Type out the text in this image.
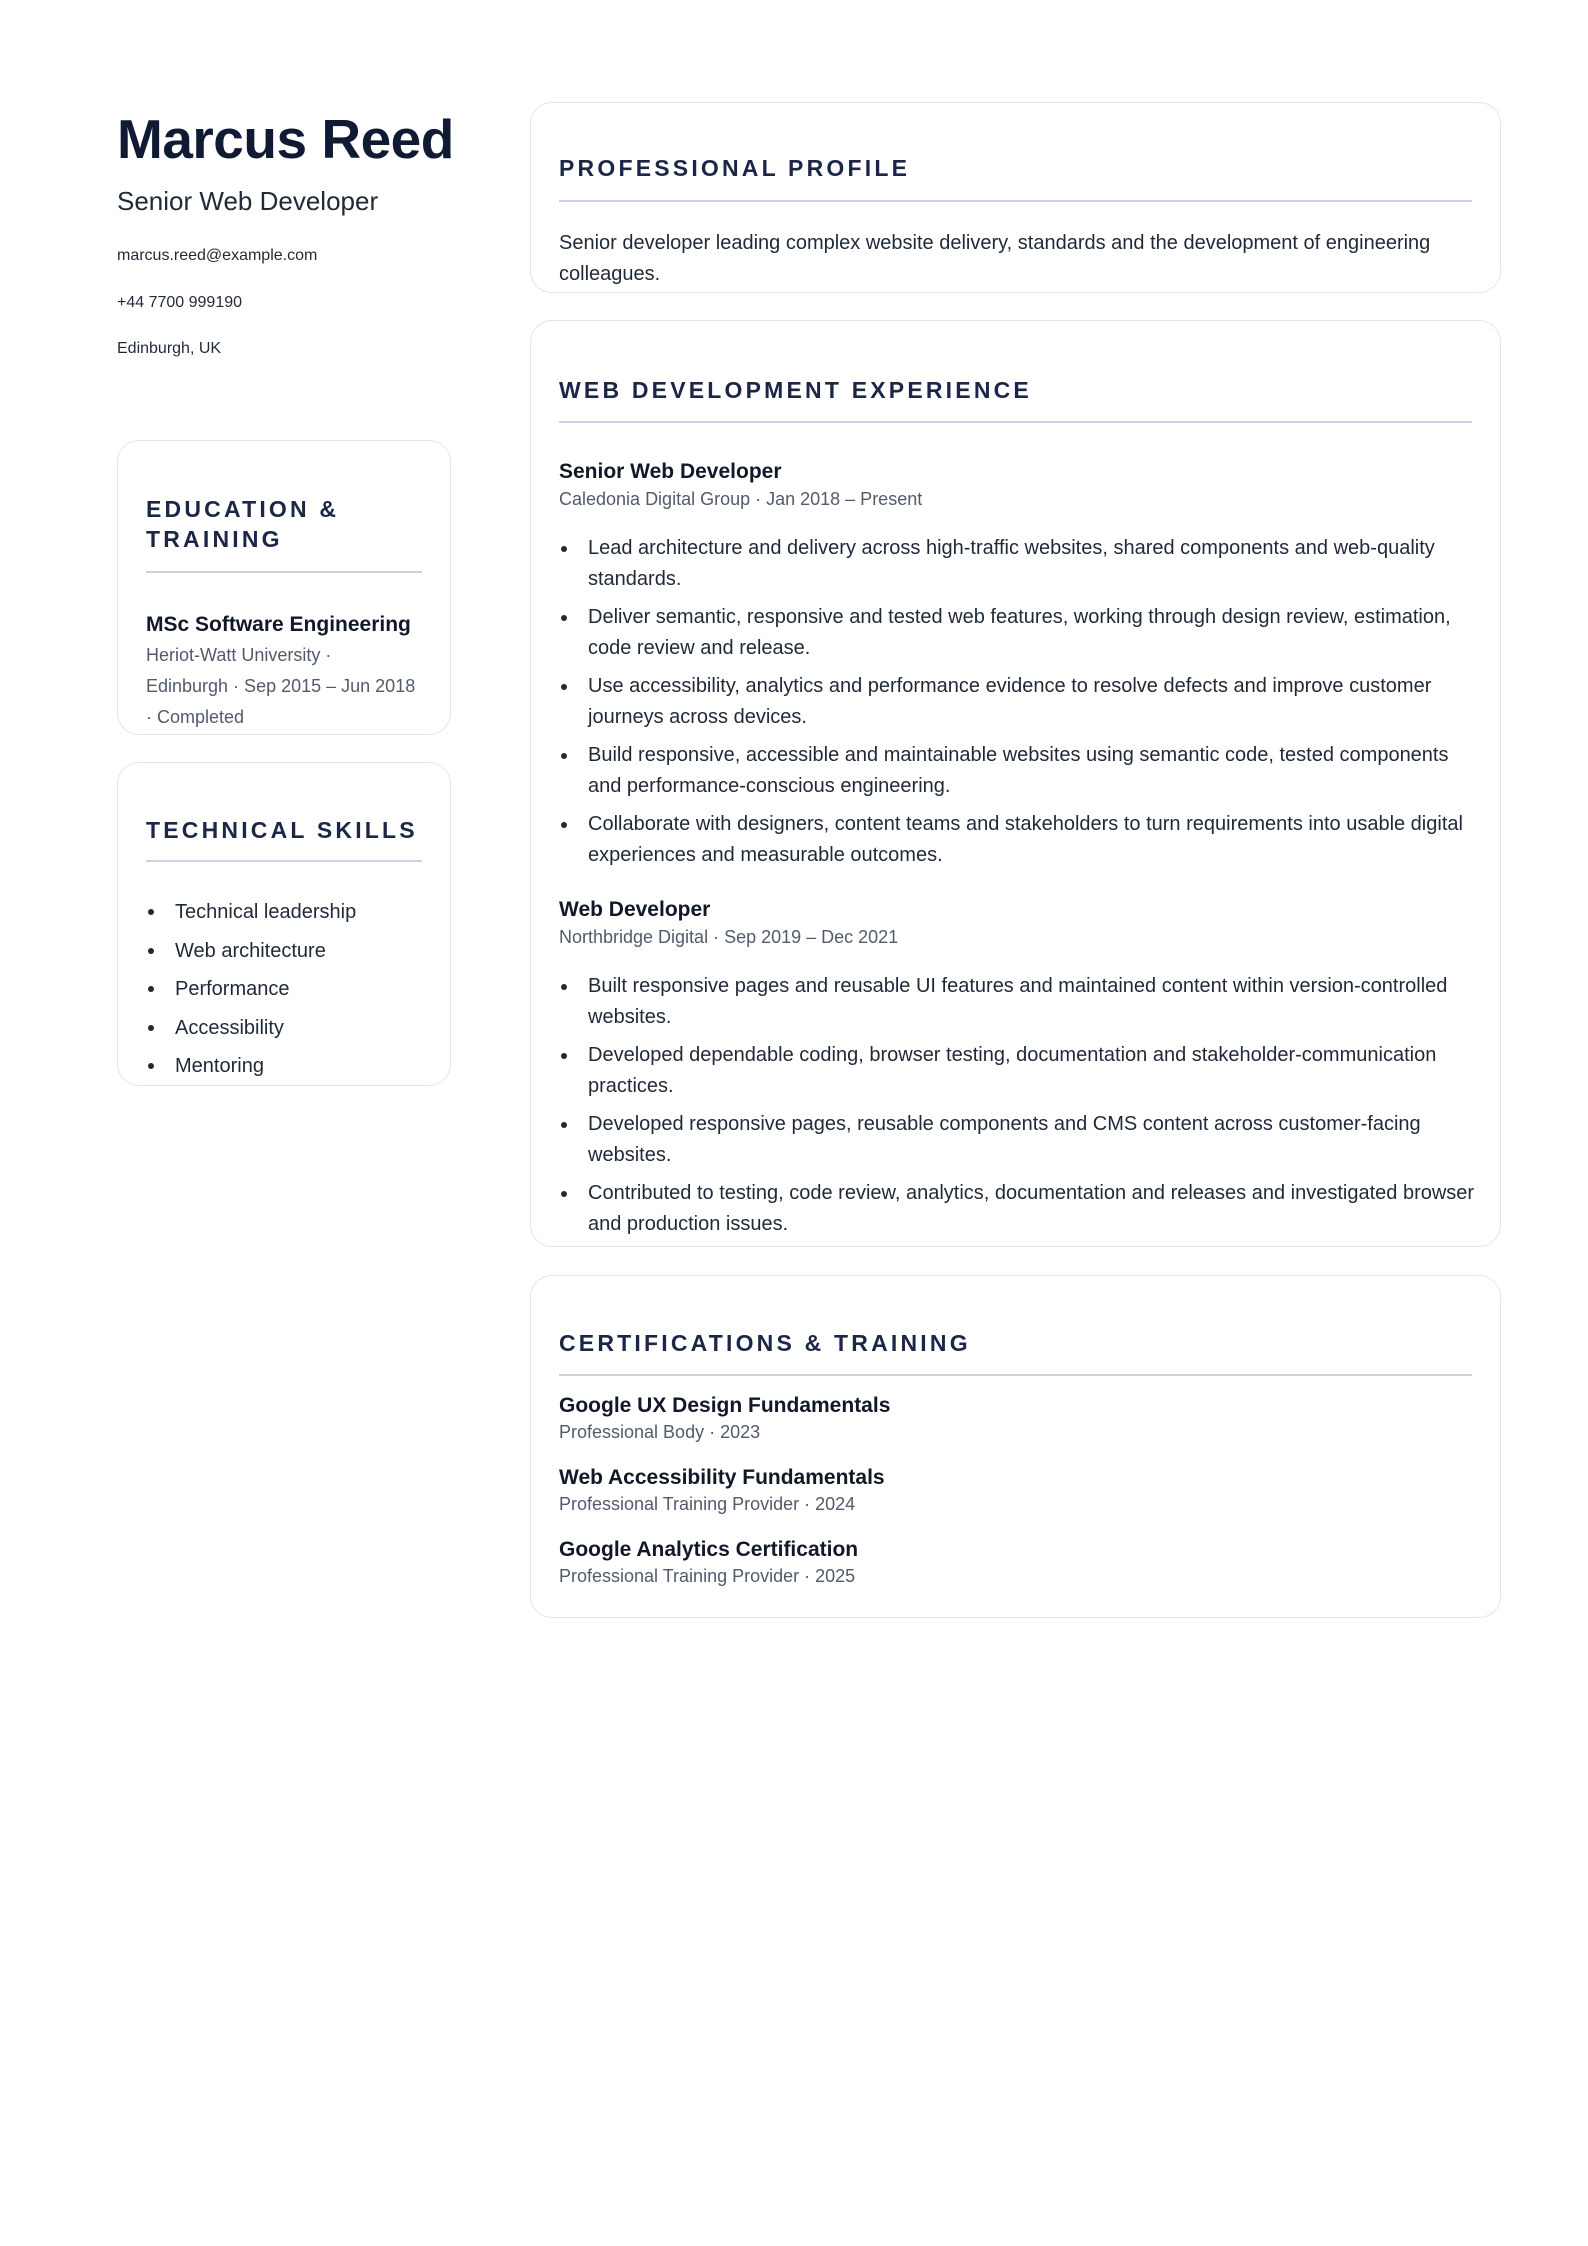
Marcus Reed
Senior Web Developer
marcus.reed@example.com
+44 7700 999190
Edinburgh, UK
EDUCATION &
TRAINING
MSc Software Engineering
Heriot-Watt University ·
Edinburgh · Sep 2015 – Jun 2018
· Completed
TECHNICAL SKILLS
Technical leadership
Web architecture
Performance
Accessibility
Mentoring
PROFESSIONAL PROFILE
Senior developer leading complex website delivery, standards and the development of engineering
colleagues.
WEB DEVELOPMENT EXPERIENCE
Senior Web Developer
Caledonia Digital Group · Jan 2018 – Present
Lead architecture and delivery across high-traffic websites, shared components and web-quality
standards.
Deliver semantic, responsive and tested web features, working through design review, estimation,
code review and release.
Use accessibility, analytics and performance evidence to resolve defects and improve customer
journeys across devices.
Build responsive, accessible and maintainable websites using semantic code, tested components
and performance-conscious engineering.
Collaborate with designers, content teams and stakeholders to turn requirements into usable digital
experiences and measurable outcomes.
Web Developer
Northbridge Digital · Sep 2019 – Dec 2021
Built responsive pages and reusable UI features and maintained content within version-controlled
websites.
Developed dependable coding, browser testing, documentation and stakeholder-communication
practices.
Developed responsive pages, reusable components and CMS content across customer-facing
websites.
Contributed to testing, code review, analytics, documentation and releases and investigated browser
and production issues.
CERTIFICATIONS & TRAINING
Google UX Design Fundamentals
Professional Body · 2023
Web Accessibility Fundamentals
Professional Training Provider · 2024
Google Analytics Certification
Professional Training Provider · 2025
